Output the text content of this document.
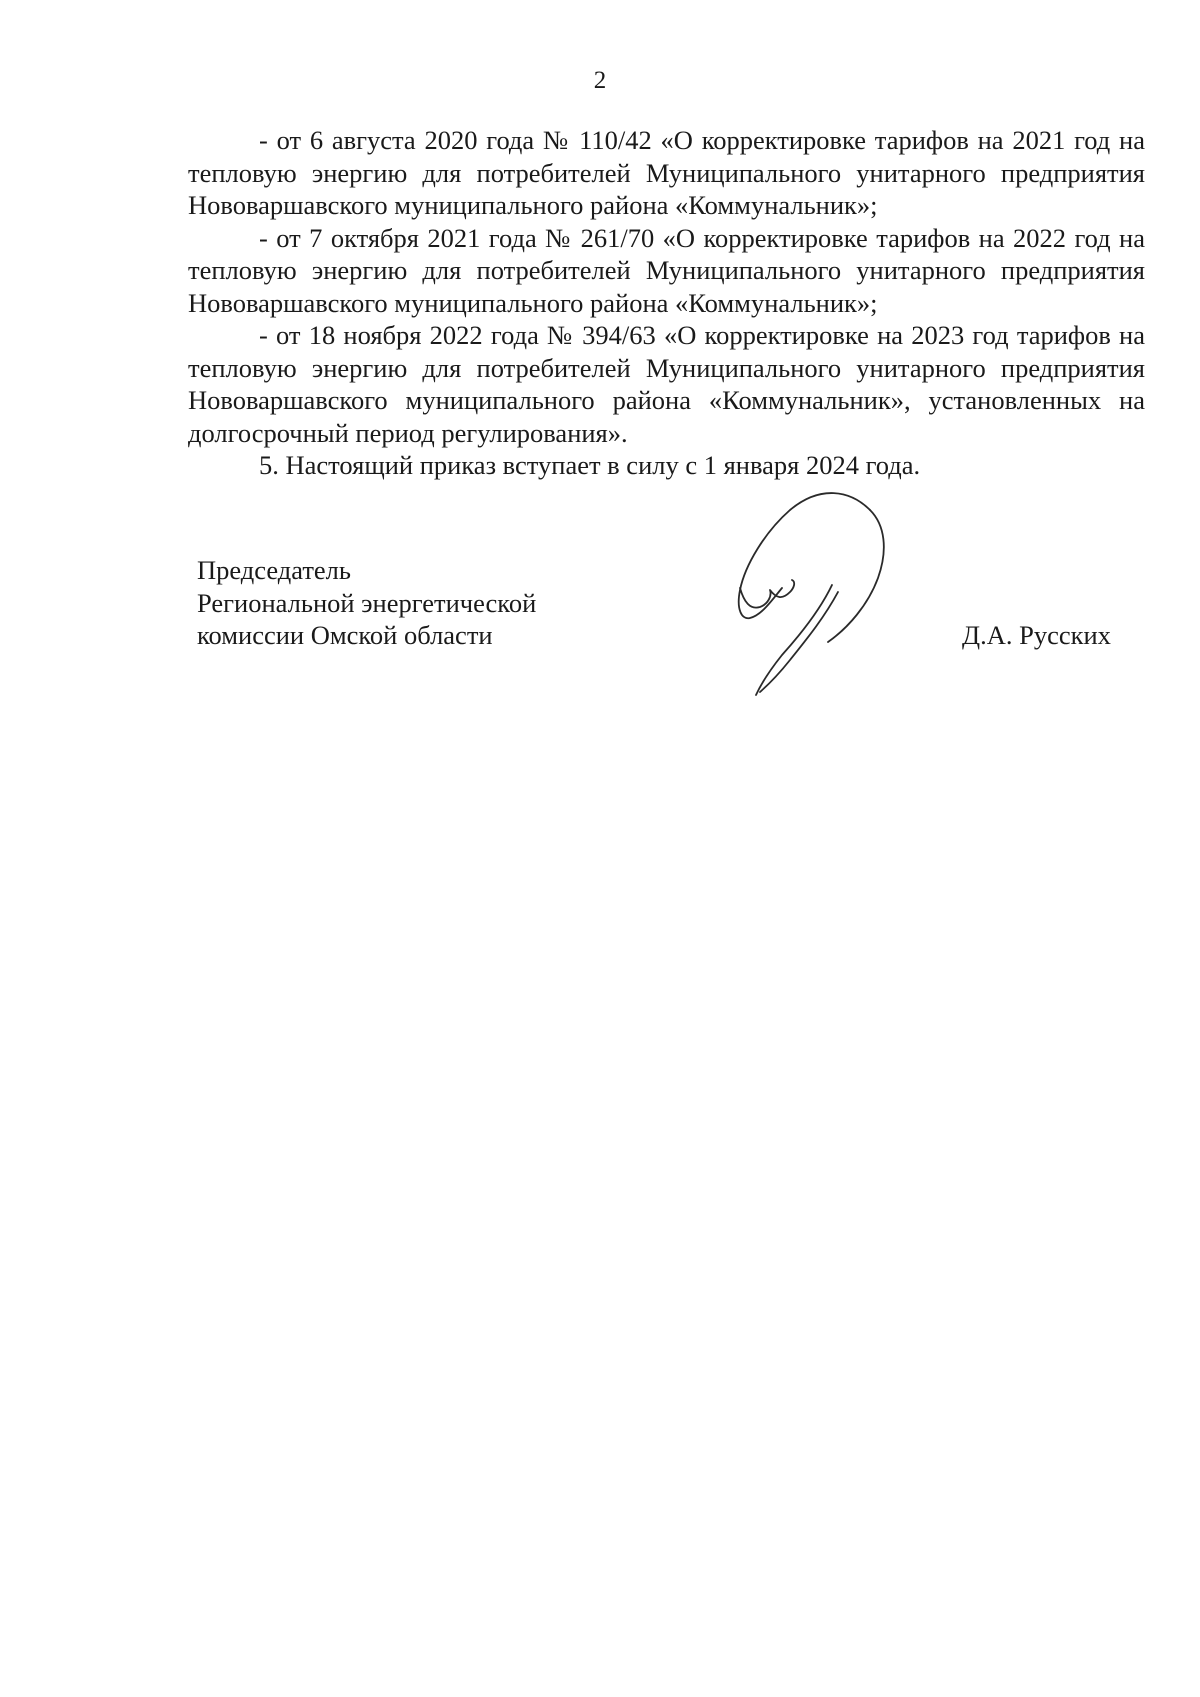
2

- от 6 августа 2020 года № 110/42 «О корректировке тарифов на 2021 год на тепловую энергию для потребителей Муниципального унитарного предприятия Нововаршавского муниципального района «Коммунальник»;

- от 7 октября 2021 года № 261/70 «О корректировке тарифов на 2022 год на тепловую энергию для потребителей Муниципального унитарного предприятия Нововаршавского муниципального района «Коммунальник»;

- от 18 ноября 2022 года № 394/63 «О корректировке на 2023 год тарифов на тепловую энергию для потребителей Муниципального унитарного предприятия Нововаршавского муниципального района «Коммунальник», установленных на долгосрочный период регулирования».

5. Настоящий приказ вступает в силу с 1 января 2024 года.

Председатель
Региональной энергетической
комиссии Омской области	Д.А. Русских
